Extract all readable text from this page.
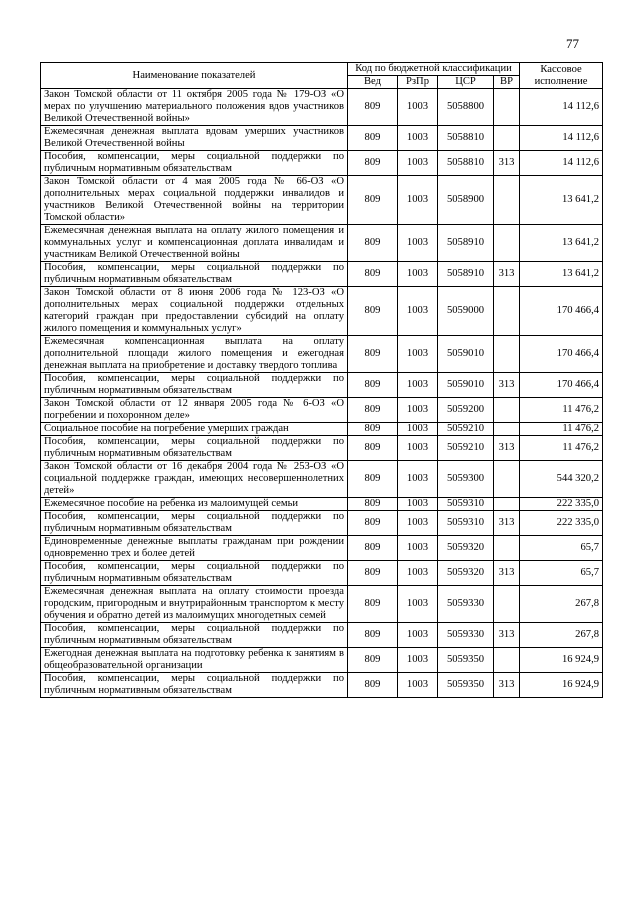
77
Наименование показателей	Код по бюджетной классификации				Кассовое исполнение
	Вед	РзПр	ЦСР	ВР	
Закон Томской области от 11 октября 2005 года № 179-ОЗ «О мерах по улучшению материального положения вдов участников Великой Отечественной войны»	809	1003	5058800		14 112,6
Ежемесячная денежная выплата вдовам умерших участников Великой Отечественной войны	809	1003	5058810		14 112,6
Пособия, компенсации, меры социальной поддержки по публичным нормативным обязательствам	809	1003	5058810	313	14 112,6
Закон Томской области от 4 мая 2005 года № 66-ОЗ «О дополнительных мерах социальной поддержки инвалидов и участников Великой Отечественной войны на территории Томской области»	809	1003	5058900		13 641,2
Ежемесячная денежная выплата на оплату жилого помещения и коммунальных услуг и компенсационная доплата инвалидам и участникам Великой Отечественной войны	809	1003	5058910		13 641,2
Пособия, компенсации, меры социальной поддержки по публичным нормативным обязательствам	809	1003	5058910	313	13 641,2
Закон Томской области от 8 июня 2006 года № 123-ОЗ «О дополнительных мерах социальной поддержки отдельных категорий граждан при предоставлении субсидий на оплату жилого помещения и коммунальных услуг»	809	1003	5059000		170 466,4
Ежемесячная компенсационная выплата на оплату дополнительной площади жилого помещения и ежегодная денежная выплата на приобретение и доставку твердого топлива	809	1003	5059010		170 466,4
Пособия, компенсации, меры социальной поддержки по публичным нормативным обязательствам	809	1003	5059010	313	170 466,4
Закон Томской области от 12 января 2005 года № 6-ОЗ «О погребении и похоронном деле»	809	1003	5059200		11 476,2
Социальное пособие на погребение умерших граждан	809	1003	5059210		11 476,2
Пособия, компенсации, меры социальной поддержки по публичным нормативным обязательствам	809	1003	5059210	313	11 476,2
Закон Томской области от 16 декабря 2004 года № 253-ОЗ «О социальной поддержке граждан, имеющих несовершеннолетних детей»	809	1003	5059300		544 320,2
Ежемесячное пособие на ребенка из малоимущей семьи	809	1003	5059310		222 335,0
Пособия, компенсации, меры социальной поддержки по публичным нормативным обязательствам	809	1003	5059310	313	222 335,0
Единовременные денежные выплаты гражданам при рождении одновременно трех и более детей	809	1003	5059320		65,7
Пособия, компенсации, меры социальной поддержки по публичным нормативным обязательствам	809	1003	5059320	313	65,7
Ежемесячная денежная выплата на оплату стоимости проезда городским, пригородным и внутрирайонным транспортом к месту обучения и обратно детей из малоимущих многодетных семей	809	1003	5059330		267,8
Пособия, компенсации, меры социальной поддержки по публичным нормативным обязательствам	809	1003	5059330	313	267,8
Ежегодная денежная выплата на подготовку ребенка к занятиям в общеобразовательной организации	809	1003	5059350		16 924,9
Пособия, компенсации, меры социальной поддержки по публичным нормативным обязательствам	809	1003	5059350	313	16 924,9
